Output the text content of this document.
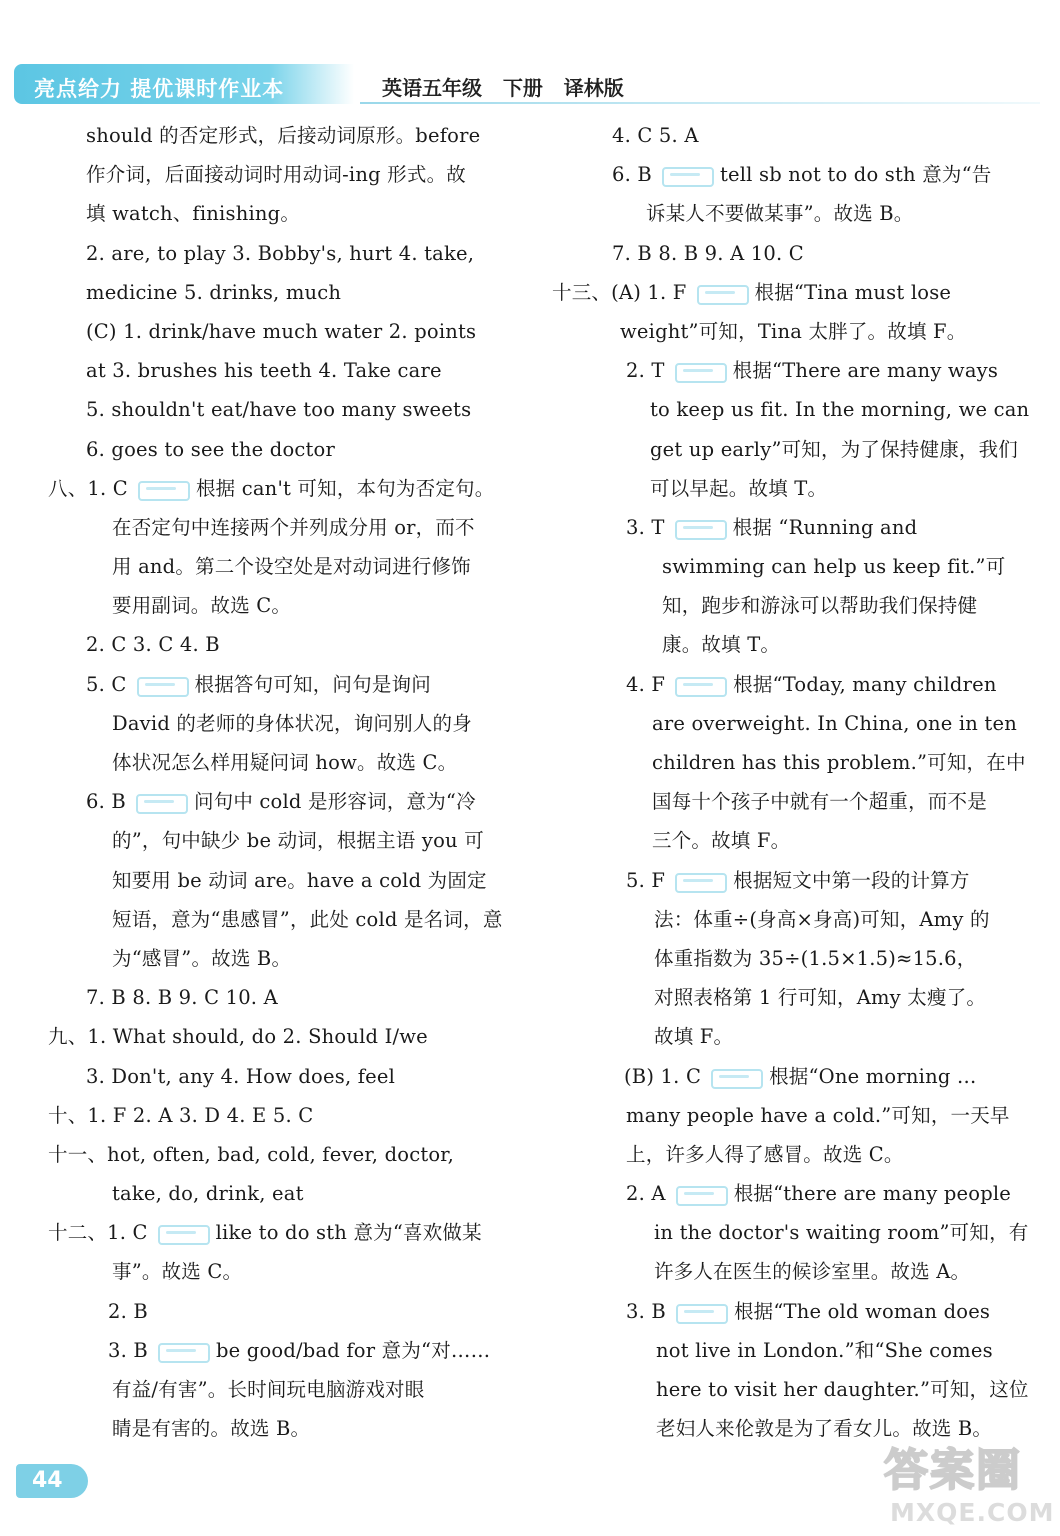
亮点给力 提优课时作业本	英语五年级   下册   译林版
should 的否定形式，后接动词原形。before
作介词，后面接动词时用动词-ing 形式。故
填 watch、finishing。
2. are, to play 3. Bobby's, hurt 4. take,
medicine 5. drinks, much
(C) 1. drink/have much water 2. points
at 3. brushes his teeth 4. Take care
5. shouldn't eat/have too many sweets
6. goes to see the doctor
八、1. C	根据 can't 可知，本句为否定句。
在否定句中连接两个并列成分用 or，而不
用 and。第二个设空处是对动词进行修饰
要用副词。故选 C。
2. C 3. C 4. B
5. C	根据答句可知，问句是询问
David 的老师的身体状况，询问别人的身
体状况怎么样用疑问词 how。故选 C。
6. B	问句中 cold 是形容词，意为“冷
的”，句中缺少 be 动词，根据主语 you 可
知要用 be 动词 are。have a cold 为固定
短语，意为“患感冒”，此处 cold 是名词，意
为“感冒”。故选 B。
7. B 8. B 9. C 10. A
九、1. What should, do 2. Should I/we
3. Don't, any 4. How does, feel
十、1. F 2. A 3. D 4. E 5. C
十一、hot, often, bad, cold, fever, doctor,
take, do, drink, eat
十二、1. C	like to do sth 意为“喜欢做某
事”。故选 C。
2. B
3. B	be good/bad for 意为“对……
有益/有害”。长时间玩电脑游戏对眼
睛是有害的。故选 B。
4. C 5. A
6. B	tell sb not to do sth 意为“告
诉某人不要做某事”。故选 B。
7. B 8. B 9. A 10. C
十三、(A) 1. F	根据“Tina must lose
weight”可知，Tina 太胖了。故填 F。
2. T	根据“There are many ways
to keep us fit. In the morning, we can
get up early”可知，为了保持健康，我们
可以早起。故填 T。
3. T	根据 “Running and
swimming can help us keep fit.”可
知，跑步和游泳可以帮助我们保持健
康。故填 T。
4. F	根据“Today, many children
are overweight. In China, one in ten
children has this problem.”可知，在中
国每十个孩子中就有一个超重，而不是
三个。故填 F。
5. F	根据短文中第一段的计算方
法：体重÷(身高×身高)可知，Amy 的
体重指数为 35÷(1.5×1.5)≈15.6，
对照表格第 1 行可知，Amy 太瘦了。
故填 F。
(B) 1. C	根据“One morning …
many people have a cold.”可知，一天早
上，许多人得了感冒。故选 C。
2. A	根据“there are many people
in the doctor's waiting room”可知，有
许多人在医生的候诊室里。故选 A。
3. B	根据“The old woman does
not live in London.”和“She comes
here to visit her daughter.”可知，这位
老妇人来伦敦是为了看女儿。故选 B。
44	答案圈
MXQE.COM
